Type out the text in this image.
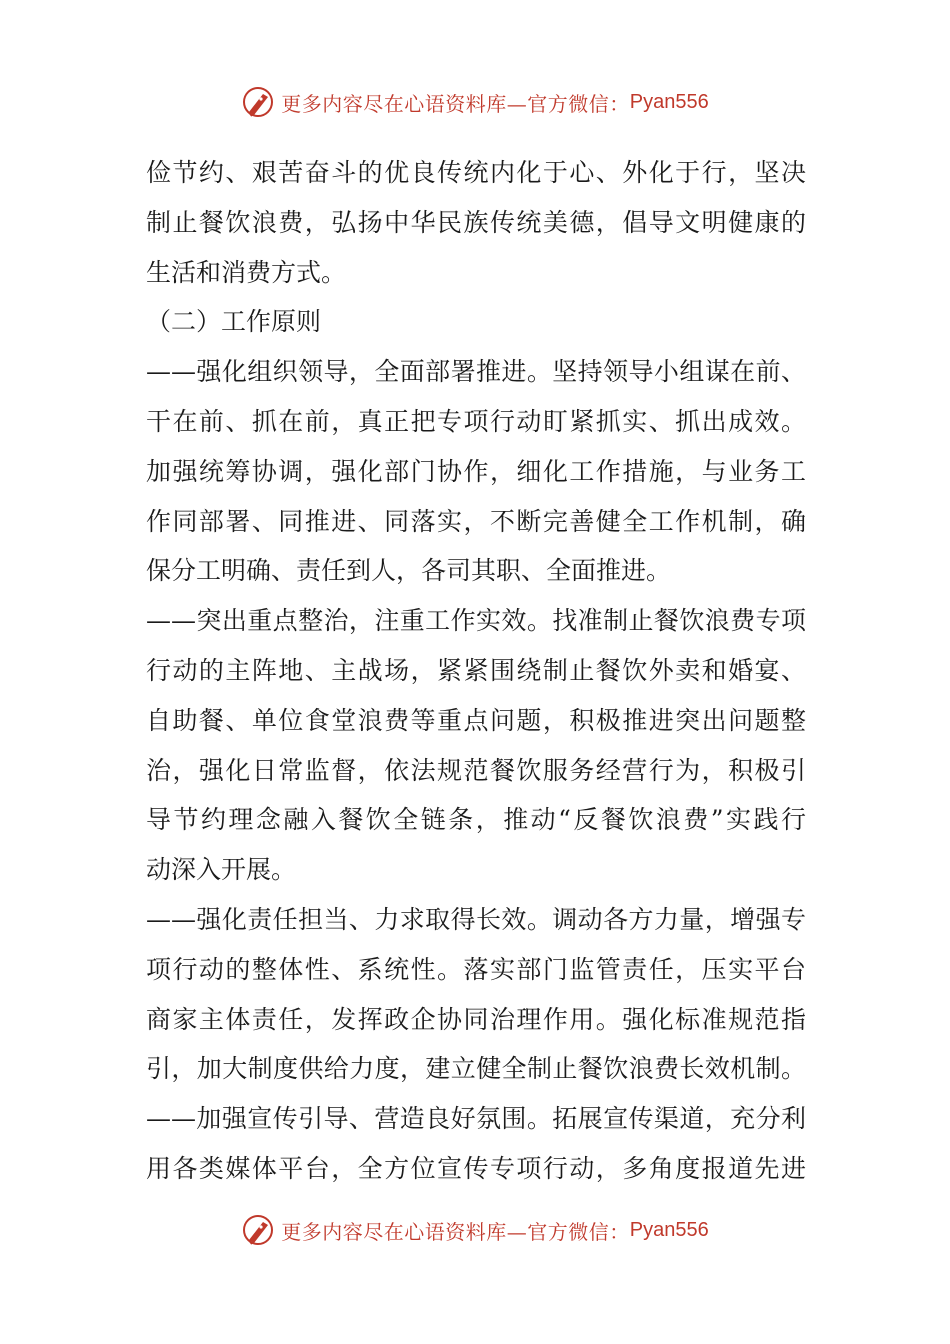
更多内容尽在心语资料库—官方微信： Pyan556
俭节约、艰苦奋斗的优良传统内化于心、外化于行，坚决
制止餐饮浪费，弘扬中华民族传统美德，倡导文明健康的
生活和消费方式。
（二）工作原则
——强化组织领导，全面部署推进。坚持领导小组谋在前、
干在前、抓在前，真正把专项行动盯紧抓实、抓出成效。
加强统筹协调，强化部门协作，细化工作措施，与业务工
作同部署、同推进、同落实，不断完善健全工作机制，确
保分工明确、责任到人，各司其职、全面推进。
——突出重点整治，注重工作实效。找准制止餐饮浪费专项
行动的主阵地、主战场，紧紧围绕制止餐饮外卖和婚宴、
自助餐、单位食堂浪费等重点问题，积极推进突出问题整
治，强化日常监督，依法规范餐饮服务经营行为，积极引
导节约理念融入餐饮全链条，推动“反餐饮浪费”实践行
动深入开展。
——强化责任担当、力求取得长效。调动各方力量，增强专
项行动的整体性、系统性。落实部门监管责任，压实平台
商家主体责任，发挥政企协同治理作用。强化标准规范指
引，加大制度供给力度，建立健全制止餐饮浪费长效机制。
——加强宣传引导、营造良好氛围。拓展宣传渠道，充分利
用各类媒体平台，全方位宣传专项行动，多角度报道先进
更多内容尽在心语资料库—官方微信： Pyan556
